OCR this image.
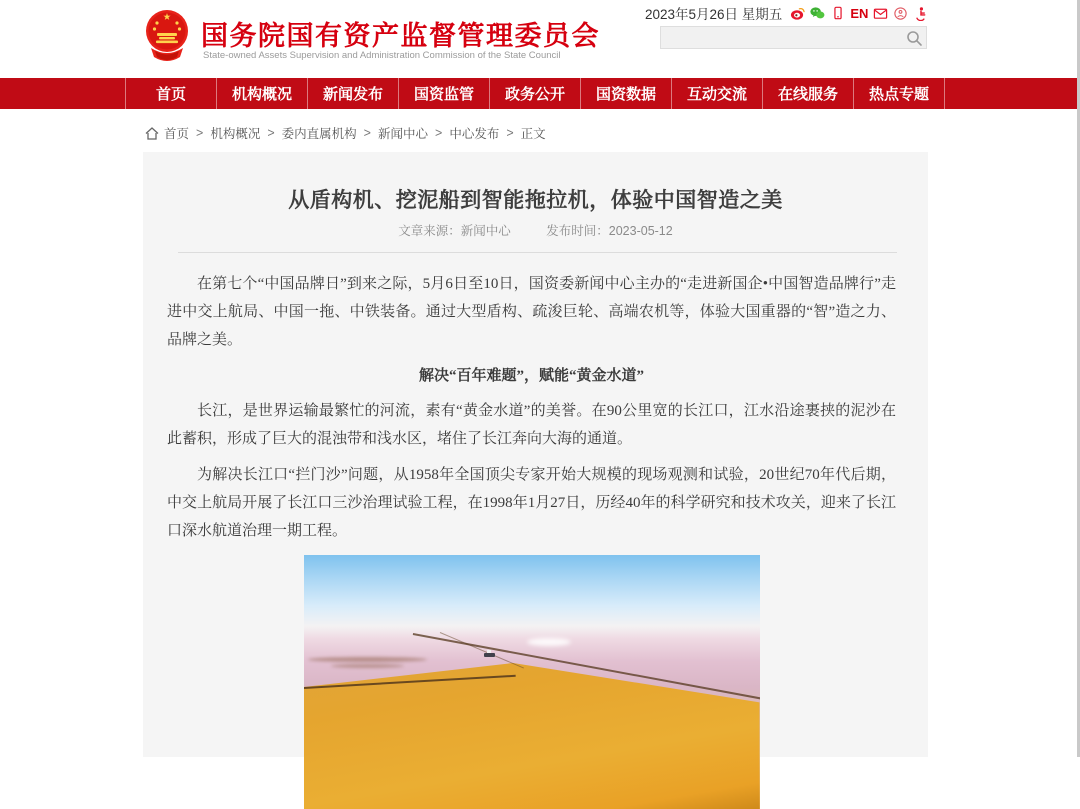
国务院国有资产监督管理委员会
State-owned Assets Supervision and Administration Commission of the State Council
2023年5月26日 星期五	EN
首页	机构概况	新闻发布	国资监管	政务公开	国资数据	互动交流	在线服务	热点专题
首页 > 机构概况 > 委内直属机构 > 新闻中心 > 中心发布 > 正文
从盾构机、挖泥船到智能拖拉机，体验中国智造之美
文章来源：新闻中心	发布时间：2023-05-12

在第七个“中国品牌日”到来之际，5月6日至10日，国资委新闻中心主办的“走进新国企•中国智造品牌行”走进中交上航局、中国一拖、中铁装备。通过大型盾构、疏浚巨轮、高端农机等，体验大国重器的“智”造之力、品牌之美。

解决“百年难题”，赋能“黄金水道”

长江，是世界运输最繁忙的河流，素有“黄金水道”的美誉。在90公里宽的长江口，江水沿途裹挟的泥沙在此蓄积，形成了巨大的混浊带和浅水区，堵住了长江奔向大海的通道。

为解决长江口“拦门沙”问题，从1958年全国顶尖专家开始大规模的现场观测和试验，20世纪70年代后期，中交上航局开展了长江口三沙治理试验工程，在1998年1月27日，历经40年的科学研究和技术攻关，迎来了长江口深水航道治理一期工程。
